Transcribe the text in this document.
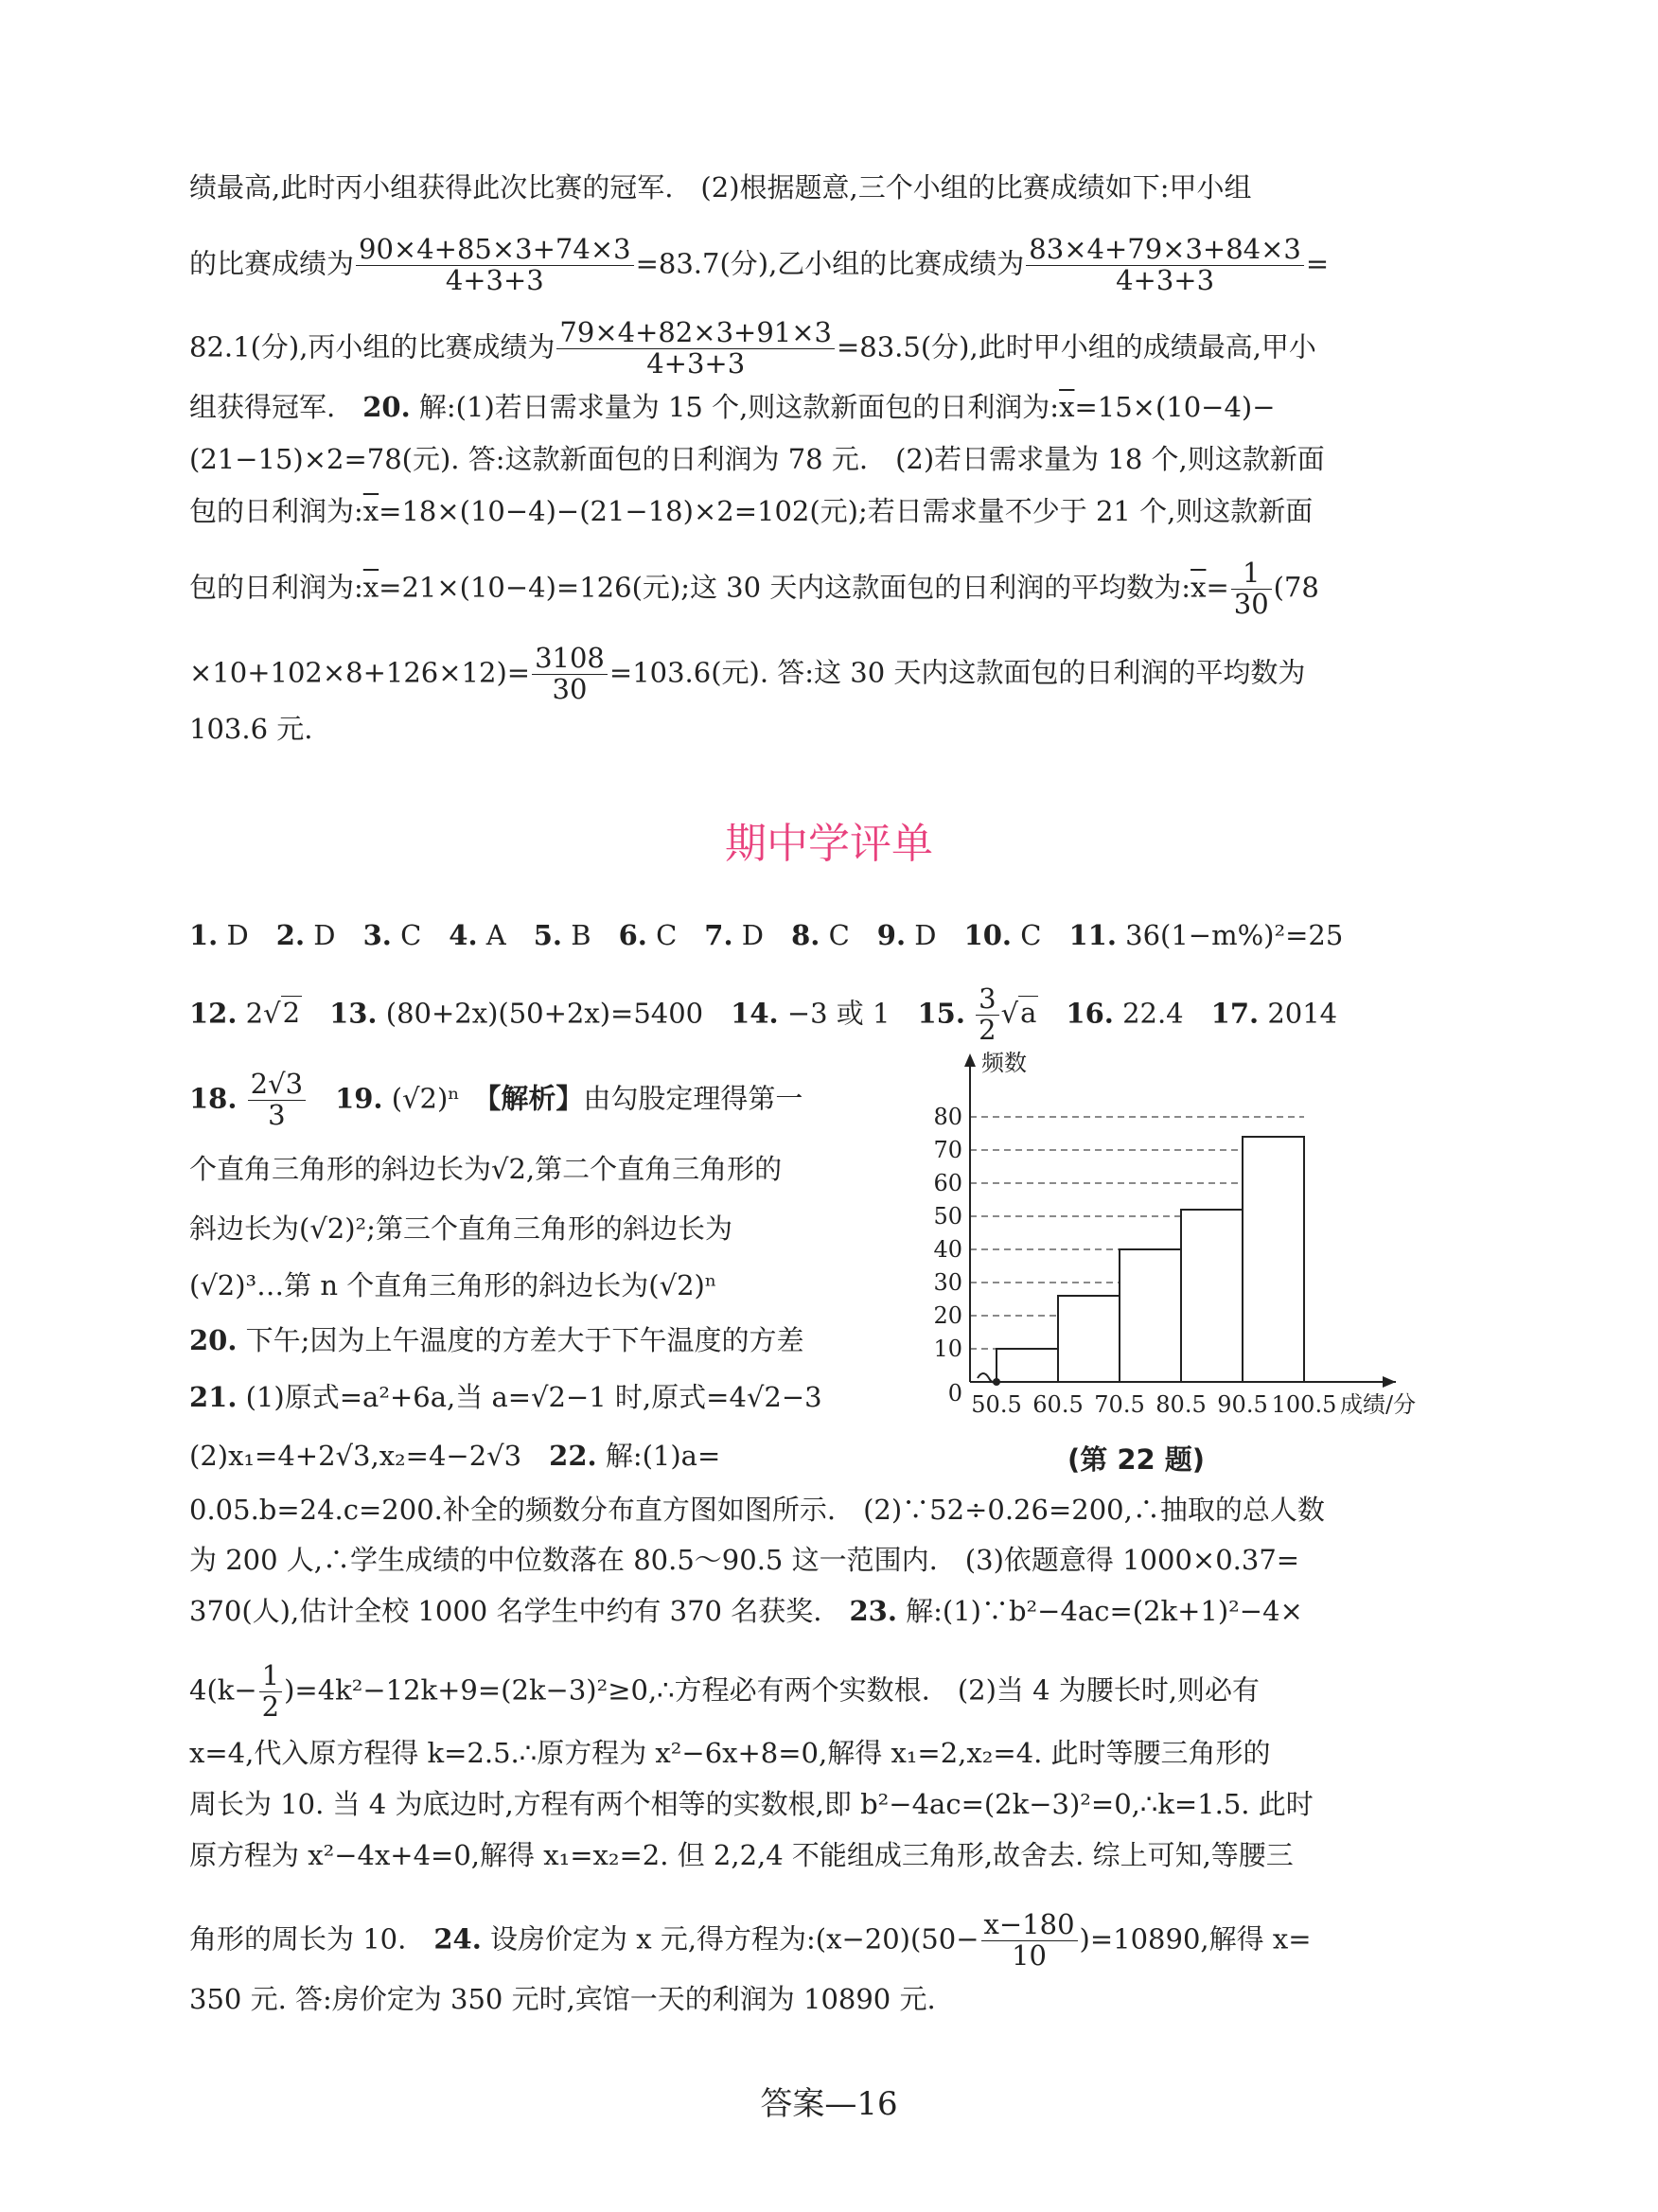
绩最高,此时丙小组获得此次比赛的冠军.　(2)根据题意,三个小组的比赛成绩如下:甲小组
的比赛成绩为 $\frac{90\times 4+85\times 3+74\times 3}{4+3+3} =83.7$(分),乙小组的比赛成绩为 $\frac{83\times 4+79\times 3+84\times 3}{4+3+3}$ =
82.1(分),丙小组的比赛成绩为 $\frac{79\times 4+82\times 3+91\times 3}{4+3+3} =83.5$(分),此时甲小组的成绩最高,甲小
组获得冠军.　 20. 解:(1)若日需求量为 15 个,则这款新面包的日利润为$:\overline{x}=15\times(10-4)-$
(21−15)×2=78(元). 答:这款新面包的日利润为 78 元.　(2)若日需求量为 18 个,则这款新面
包的日利润为$:\overline{x}=18\times(10-4)-(21-18)\times 2=102$(元);若日需求量不少于 21 个,则这款新面
包的日利润为$:\overline{x}=21\times(10-4)=126$(元);这 30 天内这款面包的日利润的平均数为$:\overline{x}= \frac{1}{30} (78$
$\times 10+102\times 8+126\times 12)= \frac{3108}{30} =103.6$(元). 答:这 30 天内这款面包的日利润的平均数为
103.6 元.
期中学评单
1. D　 2. D　 3. C　 4. A　 5. B　 6. C　 7. D　 8. C　 9. D　 10. C　 11. 36(1−m%)²=25
12. 2√2　 13. (80+2x)(50+2x)=5400　 14. −3 或 1　 15. $\frac{3}{2} √a$　 16. 22.4　 17. 2014
18. $\frac{2√3}{3}$
　 19. (√2)ⁿ　 【解析】由勾股定理得第一
个直角三角形的斜边长为√2,第二个直角三角形的
斜边长为(√2)²;第三个直角三角形的斜边长为
(√2)³…第 n 个直角三角形的斜边长为(√2)ⁿ
20. 下午;因为上午温度的方差大于下午温度的方差
21. (1)原式=a²+6a,当 a=√2−1 时,原式=4√2−3
(2)x₁=4+2√3,x₂=4−2√3　 22. 解:(1)a=
10
20
30
40
50
60
70
80
50.5 60.5 70.5 80.5 90.5 100.5
0
频数
成绩/分
(第 22 题)
0.05.b=24.c=200.补全的频数分布直方图如图所示.　(2)∵52÷0.26=200,∴抽取的总人数
为 200 人,∴学生成绩的中位数落在 80.5～90.5 这一范围内.　(3)依题意得 1000×0.37=
370(人),估计全校 1000 名学生中约有 370 名获奖.　 23. 解:(1)∵b²−4ac=(2k+1)²−4×
$4(k- \frac{1}{2}$ )=4k²−12k+9=(2k−3)²≥0,∴方程必有两个实数根.　(2)当 4 为腰长时,则必有
x=4,代入原方程得 k=2.5.∴原方程为 x²−6x+8=0,解得 x₁=2,x₂=4. 此时等腰三角形的
周长为 10. 当 4 为底边时,方程有两个相等的实数根,即 b²−4ac=(2k−3)²=0,∴k=1.5. 此时
原方程为 x²−4x+4=0,解得 x₁=x₂=2. 但 2,2,4 不能组成三角形,故舍去. 综上可知,等腰三
角形的周长为 10.　 24. 设房价定为 x 元,得方程为:(x−20)(50− $\frac{x-180}{10} )=10890$,解得 x=
350 元. 答:房价定为 350 元时,宾馆一天的利润为 10890 元.
答案—16
